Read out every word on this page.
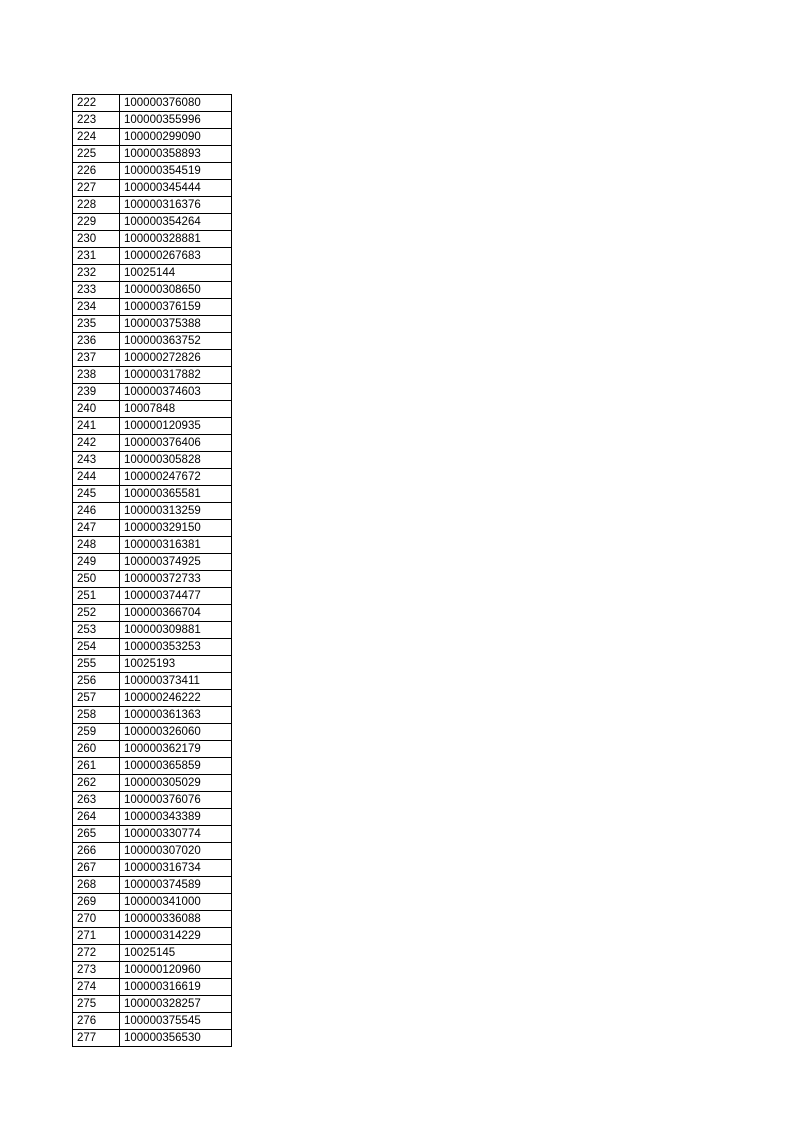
222	100000376080
223	100000355996
224	100000299090
225	100000358893
226	100000354519
227	100000345444
228	100000316376
229	100000354264
230	100000328881
231	100000267683
232	10025144
233	100000308650
234	100000376159
235	100000375388
236	100000363752
237	100000272826
238	100000317882
239	100000374603
240	10007848
241	100000120935
242	100000376406
243	100000305828
244	100000247672
245	100000365581
246	100000313259
247	100000329150
248	100000316381
249	100000374925
250	100000372733
251	100000374477
252	100000366704
253	100000309881
254	100000353253
255	10025193
256	100000373411
257	100000246222
258	100000361363
259	100000326060
260	100000362179
261	100000365859
262	100000305029
263	100000376076
264	100000343389
265	100000330774
266	100000307020
267	100000316734
268	100000374589
269	100000341000
270	100000336088
271	100000314229
272	10025145
273	100000120960
274	100000316619
275	100000328257
276	100000375545
277	100000356530
